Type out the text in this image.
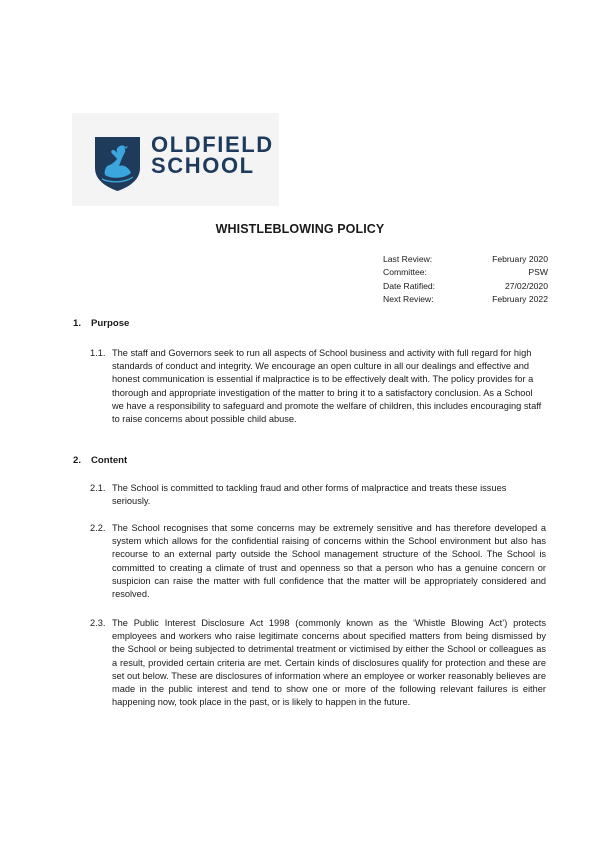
OLDFIELD
SCHOOL
WHISTLEBLOWING POLICY
Last Review:	February 2020
Committee:	PSW
Date Ratified:	27/02/2020
Next Review:	February 2022
1. Purpose
1.1. The staff and Governors seek to run all aspects of School business and activity with full regard for high standards of conduct and integrity. We encourage an open culture in all our dealings and effective and honest communication is essential if malpractice is to be effectively dealt with. The policy provides for a thorough and appropriate investigation of the matter to bring it to a satisfactory conclusion. As a School we have a responsibility to safeguard and promote the welfare of children, this includes encouraging staff to raise concerns about possible child abuse.
2. Content
2.1. The School is committed to tackling fraud and other forms of malpractice and treats these issues seriously.
2.2. The School recognises that some concerns may be extremely sensitive and has therefore developed a system which allows for the confidential raising of concerns within the School environment but also has recourse to an external party outside the School management structure of the School. The School is committed to creating a climate of trust and openness so that a person who has a genuine concern or suspicion can raise the matter with full confidence that the matter will be appropriately considered and resolved.
2.3. The Public Interest Disclosure Act 1998 (commonly known as the ‘Whistle Blowing Act’) protects employees and workers who raise legitimate concerns about specified matters from being dismissed by the School or being subjected to detrimental treatment or victimised by either the School or colleagues as a result, provided certain criteria are met. Certain kinds of disclosures qualify for protection and these are set out below. These are disclosures of information where an employee or worker reasonably believes are made in the public interest and tend to show one or more of the following relevant failures is either happening now, took place in the past, or is likely to happen in the future.
